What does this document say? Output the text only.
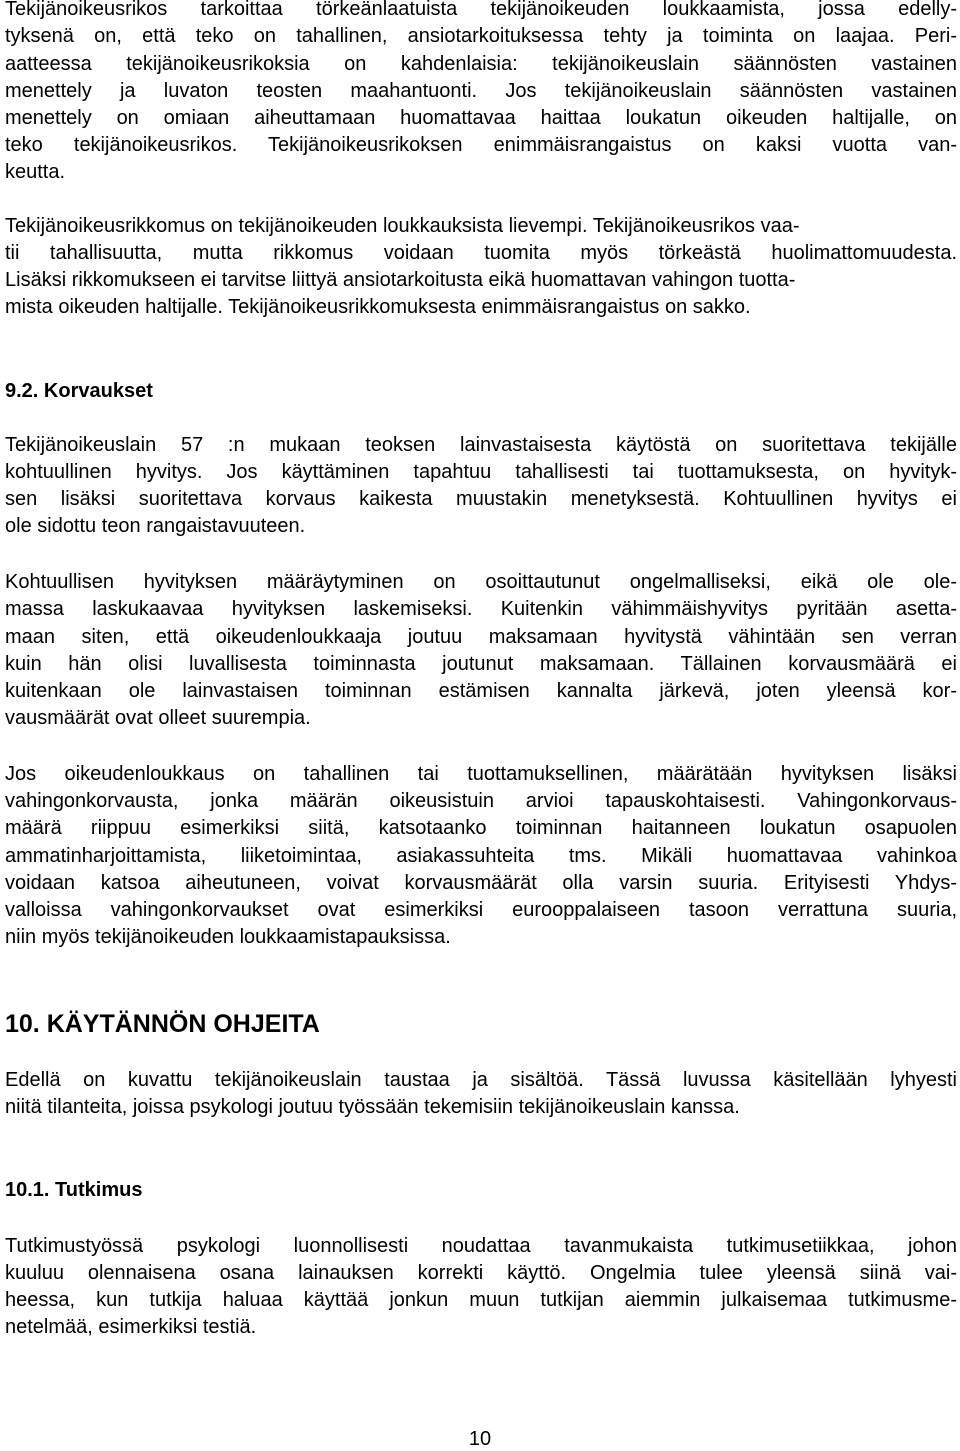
Tekijänoikeusrikos tarkoittaa törkeänlaatuista tekijänoikeuden loukkaamista, jossa edelly-

tyksenä on, että teko on tahallinen, ansiotarkoituksessa tehty ja toiminta on laajaa. Peri-

aatteessa tekijänoikeusrikoksia on kahdenlaisia: tekijänoikeuslain säännösten vastainen

menettely ja luvaton teosten maahantuonti. Jos tekijänoikeuslain säännösten vastainen

menettely on omiaan aiheuttamaan huomattavaa haittaa loukatun oikeuden haltijalle, on

teko tekijänoikeusrikos. Tekijänoikeusrikoksen enimmäisrangaistus on kaksi vuotta van-

keutta.

Tekijänoikeusrikkomus on tekijänoikeuden loukkauksista lievempi. Tekijänoikeusrikos vaa-

tii tahallisuutta, mutta rikkomus voidaan tuomita myös törkeästä huolimattomuudesta.

Lisäksi rikkomukseen ei tarvitse liittyä ansiotarkoitusta eikä huomattavan vahingon tuotta-

mista oikeuden haltijalle. Tekijänoikeusrikkomuksesta enimmäisrangaistus on sakko.

9.2. Korvaukset

Tekijänoikeuslain 57 :n mukaan teoksen lainvastaisesta käytöstä on suoritettava tekijälle

kohtuullinen hyvitys. Jos käyttäminen tapahtuu tahallisesti tai tuottamuksesta, on hyvityk-

sen lisäksi suoritettava korvaus kaikesta muustakin menetyksestä. Kohtuullinen hyvitys ei

ole sidottu teon rangaistavuuteen.

Kohtuullisen hyvityksen määräytyminen on osoittautunut ongelmalliseksi, eikä ole ole-

massa laskukaavaa hyvityksen laskemiseksi. Kuitenkin vähimmäishyvitys pyritään asetta-

maan siten, että oikeudenloukkaaja joutuu maksamaan hyvitystä vähintään sen verran

kuin hän olisi luvallisesta toiminnasta joutunut maksamaan. Tällainen korvausmäärä ei

kuitenkaan ole lainvastaisen toiminnan estämisen kannalta järkevä, joten yleensä kor-

vausmäärät ovat olleet suurempia.

Jos oikeudenloukkaus on tahallinen tai tuottamuksellinen, määrätään hyvityksen lisäksi

vahingonkorvausta, jonka määrän oikeusistuin arvioi tapauskohtaisesti. Vahingonkorvaus-

määrä riippuu esimerkiksi siitä, katsotaanko toiminnan haitanneen loukatun osapuolen

ammatinharjoittamista, liiketoimintaa, asiakassuhteita tms. Mikäli huomattavaa vahinkoa

voidaan katsoa aiheutuneen, voivat korvausmäärät olla varsin suuria. Erityisesti Yhdys-

valloissa vahingonkorvaukset ovat esimerkiksi eurooppalaiseen tasoon verrattuna suuria,

niin myös tekijänoikeuden loukkaamistapauksissa.

10. KÄYTÄNNÖN OHJEITA

Edellä on kuvattu tekijänoikeuslain taustaa ja sisältöä. Tässä luvussa käsitellään lyhyesti

niitä tilanteita, joissa psykologi joutuu työssään tekemisiin tekijänoikeuslain kanssa.

10.1. Tutkimus

Tutkimustyössä psykologi luonnollisesti noudattaa tavanmukaista tutkimusetiikkaa, johon

kuuluu olennaisena osana lainauksen korrekti käyttö. Ongelmia tulee yleensä siinä vai-

heessa, kun tutkija haluaa käyttää jonkun muun tutkijan aiemmin julkaisemaa tutkimusme-

netelmää, esimerkiksi testiä.

10
